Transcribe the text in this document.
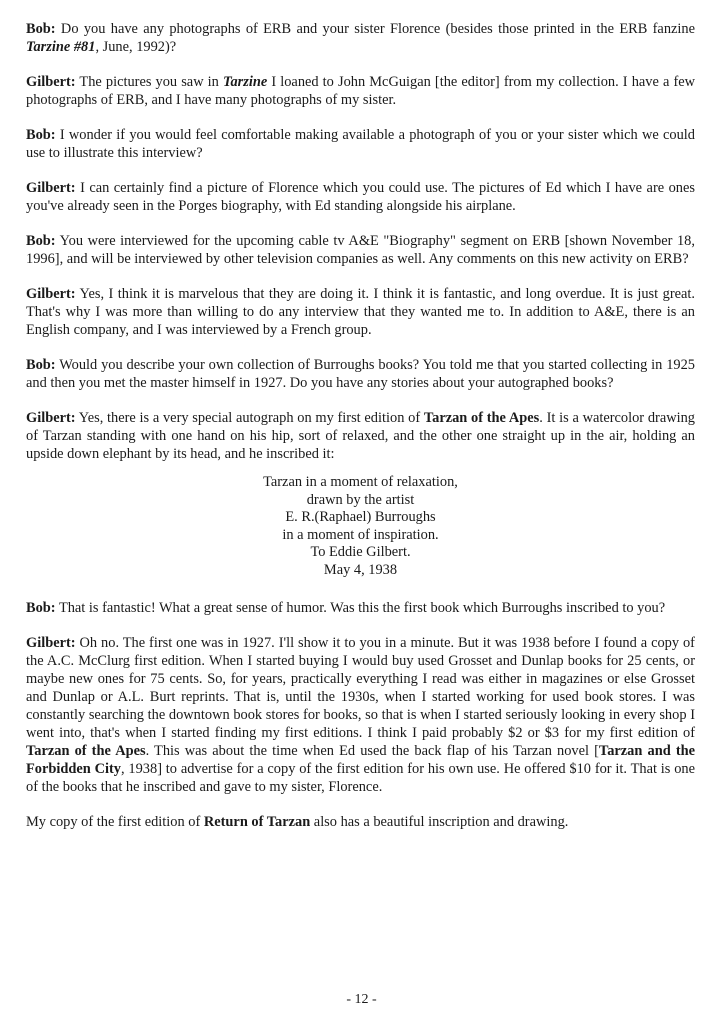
Bob: Do you have any photographs of ERB and your sister Florence (besides those printed in the ERB fanzine Tarzine #81, June, 1992)?

Gilbert: The pictures you saw in Tarzine I loaned to John McGuigan [the editor] from my collection. I have a few photographs of ERB, and I have many photographs of my sister.

Bob: I wonder if you would feel comfortable making available a photograph of you or your sister which we could use to illustrate this interview?

Gilbert: I can certainly find a picture of Florence which you could use. The pictures of Ed which I have are ones you've already seen in the Porges biography, with Ed standing alongside his airplane.

Bob: You were interviewed for the upcoming cable tv A&E "Biography" segment on ERB [shown November 18, 1996], and will be interviewed by other television companies as well. Any comments on this new activity on ERB?

Gilbert: Yes, I think it is marvelous that they are doing it. I think it is fantastic, and long overdue. It is just great. That's why I was more than willing to do any interview that they wanted me to. In addition to A&E, there is an English company, and I was interviewed by a French group.

Bob: Would you describe your own collection of Burroughs books? You told me that you started collecting in 1925 and then you met the master himself in 1927. Do you have any stories about your autographed books?

Gilbert: Yes, there is a very special autograph on my first edition of Tarzan of the Apes. It is a watercolor drawing of Tarzan standing with one hand on his hip, sort of relaxed, and the other one straight up in the air, holding an upside down elephant by its head, and he inscribed it:

Tarzan in a moment of relaxation,
drawn by the artist
E. R.(Raphael) Burroughs
in a moment of inspiration.
To Eddie Gilbert.
May 4, 1938

Bob: That is fantastic! What a great sense of humor. Was this the first book which Burroughs inscribed to you?

Gilbert: Oh no. The first one was in 1927. I'll show it to you in a minute. But it was 1938 before I found a copy of the A.C. McClurg first edition. When I started buying I would buy used Grosset and Dunlap books for 25 cents, or maybe new ones for 75 cents. So, for years, practically everything I read was either in magazines or else Grosset and Dunlap or A.L. Burt reprints. That is, until the 1930s, when I started working for used book stores. I was constantly searching the downtown book stores for books, so that is when I started seriously looking in every shop I went into, that's when I started finding my first editions. I think I paid probably $2 or $3 for my first edition of Tarzan of the Apes. This was about the time when Ed used the back flap of his Tarzan novel [Tarzan and the Forbidden City, 1938] to advertise for a copy of the first edition for his own use. He offered $10 for it. That is one of the books that he inscribed and gave to my sister, Florence.

My copy of the first edition of Return of Tarzan also has a beautiful inscription and drawing.

- 12 -
